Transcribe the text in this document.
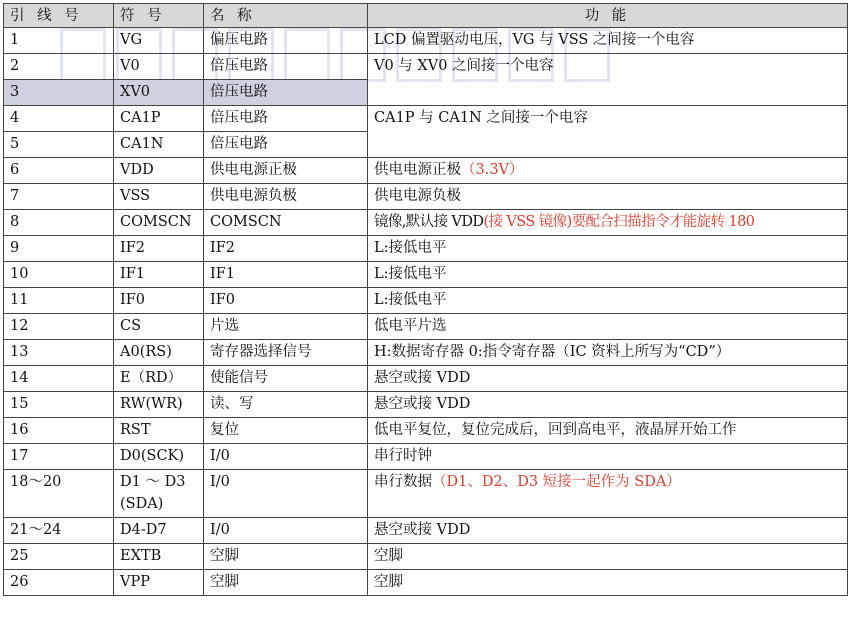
引 线 号	符 号	名 称	功 能
1	VG	偏压电路	LCD 偏置驱动电压，VG 与 VSS 之间接一个电容
2	V0	倍压电路	V0 与 XV0 之间接一个电容
3	XV0	倍压电路	
4	CA1P	倍压电路	CA1P 与 CA1N 之间接一个电容
5	CA1N	倍压电路	
6	VDD	供电电源正极	供电电源正极（3.3V）
7	VSS	供电电源负极	供电电源负极
8	COMSCN	COMSCN	镜像,默认接 VDD(接 VSS 镜像)要配合扫描指令才能旋转 180
9	IF2	IF2	L:接低电平
10	IF1	IF1	L:接低电平
11	IF0	IF0	L:接低电平
12	CS	片选	低电平片选
13	A0(RS)	寄存器选择信号	H:数据寄存器 0:指令寄存器（IC 资料上所写为“CD”）
14	E（RD）	使能信号	悬空或接 VDD
15	RW(WR)	读、写	悬空或接 VDD
16	RST	复位	低电平复位，复位完成后，回到高电平，液晶屏开始工作
17	D0(SCK)	I/0	串行时钟
18～20	D1 ～ D3 (SDA)	I/0	串行数据（D1、D2、D3 短接一起作为 SDA）
21～24	D4-D7	I/0	悬空或接 VDD
25	EXTB	空脚	空脚
26	VPP	空脚	空脚
